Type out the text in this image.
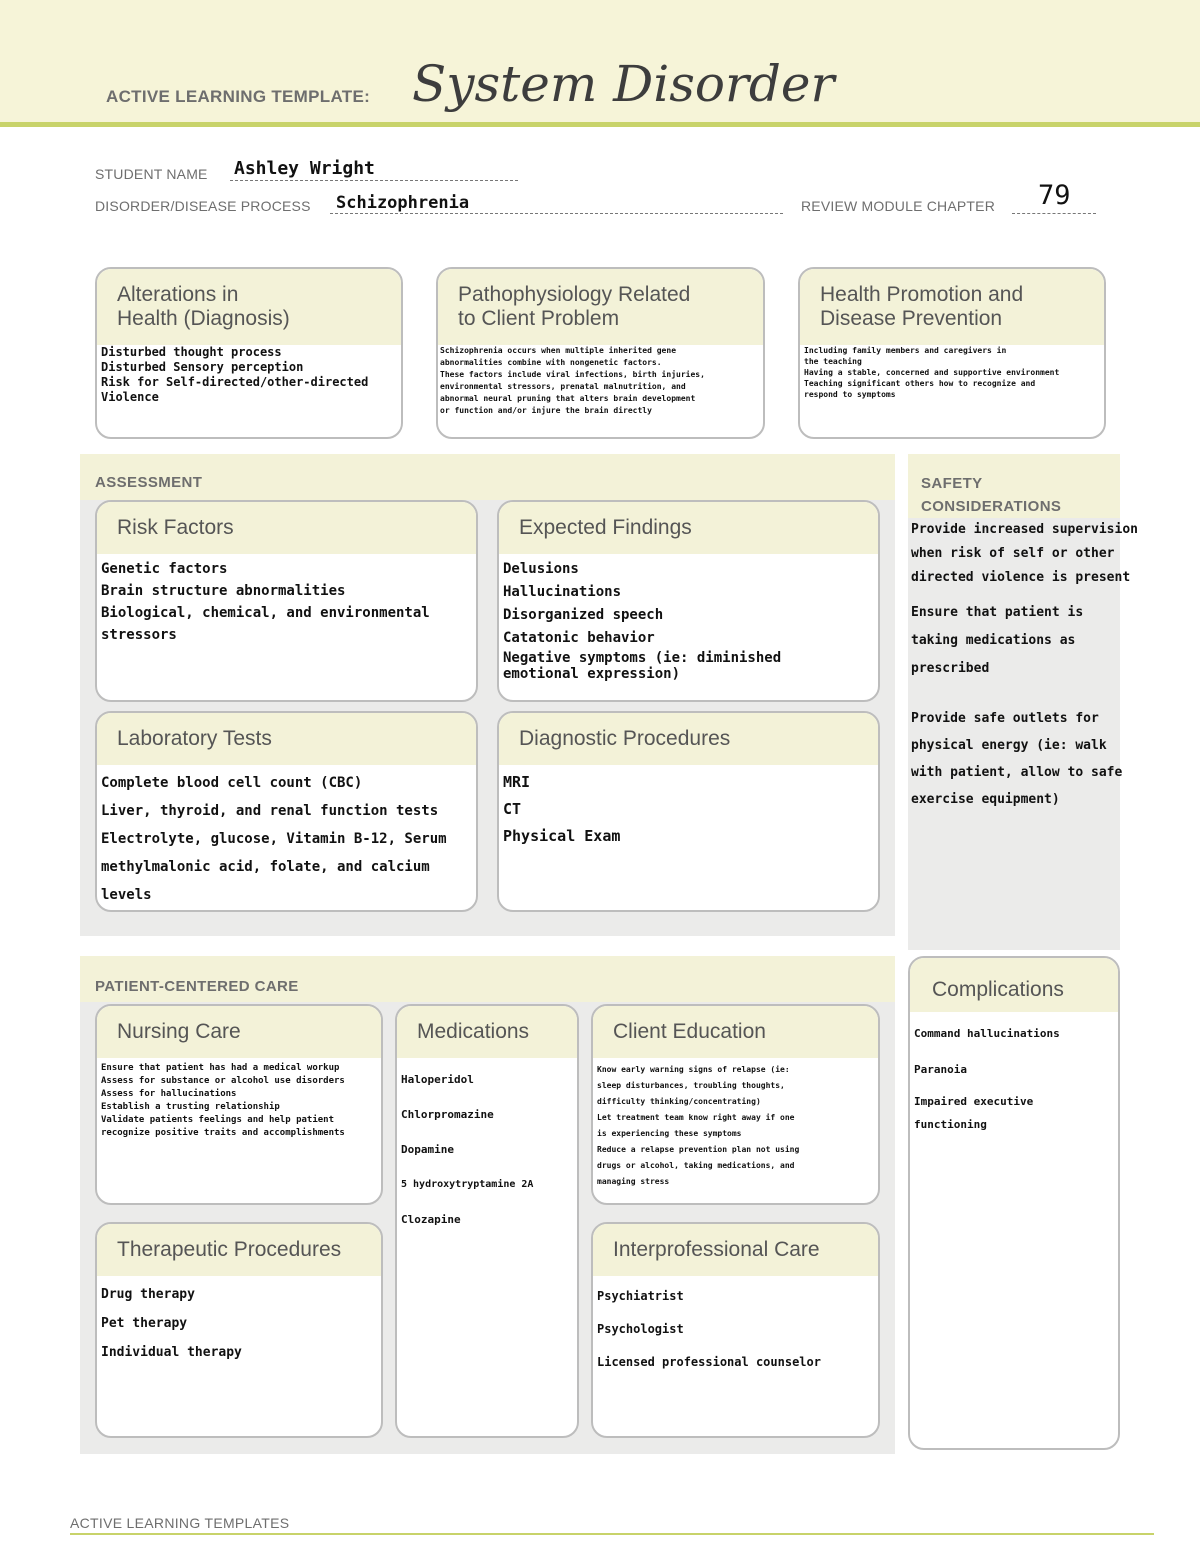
ACTIVE LEARNING TEMPLATE: System Disorder
STUDENT NAME Ashley Wright
DISORDER/DISEASE PROCESS Schizophrenia	REVIEW MODULE CHAPTER 79
Alterations in
Health (Diagnosis)
Disturbed thought process
Disturbed Sensory perception
Risk for Self-directed/other-directed
Violence
Pathophysiology Related
to Client Problem
Schizophrenia occurs when multiple inherited gene
abnormalities combine with nongenetic factors.
These factors include viral infections, birth injuries,
environmental stressors, prenatal malnutrition, and
abnormal neural pruning that alters brain development
or function and/or injure the brain directly
Health Promotion and
Disease Prevention
Including family members and caregivers in
the teaching
Having a stable, concerned and supportive environment
Teaching significant others how to recognize and
respond to symptoms
ASSESSMENT
Risk Factors
Genetic factors
Brain structure abnormalities
Biological, chemical, and environmental
stressors
Expected Findings
Delusions
Hallucinations
Disorganized speech
Catatonic behavior
Negative symptoms (ie: diminished
emotional expression)
Laboratory Tests
Complete blood cell count (CBC)
Liver, thyroid, and renal function tests
Electrolyte, glucose, Vitamin B-12, Serum
methylmalonic acid, folate, and calcium
levels
Diagnostic Procedures
MRI
CT
Physical Exam
SAFETY
CONSIDERATIONS
Provide increased supervision
when risk of self or other
directed violence is present
Ensure that patient is
taking medications as
prescribed
Provide safe outlets for
physical energy (ie: walk
with patient, allow to safe
exercise equipment)
PATIENT-CENTERED CARE
Nursing Care
Ensure that patient has had a medical workup
Assess for substance or alcohol use disorders
Assess for hallucinations
Establish a trusting relationship
Validate patients feelings and help patient
recognize positive traits and accomplishments
Medications
Haloperidol
Chlorpromazine
Dopamine
5 hydroxytryptamine 2A
Clozapine
Client Education
Know early warning signs of relapse (ie:
sleep disturbances, troubling thoughts,
difficulty thinking/concentrating)
Let treatment team know right away if one
is experiencing these symptoms
Reduce a relapse prevention plan not using
drugs or alcohol, taking medications, and
managing stress
Therapeutic Procedures
Drug therapy
Pet therapy
Individual therapy
Interprofessional Care
Psychiatrist
Psychologist
Licensed professional counselor
Complications
Command hallucinations
Paranoia
Impaired executive
functioning
ACTIVE LEARNING TEMPLATES
